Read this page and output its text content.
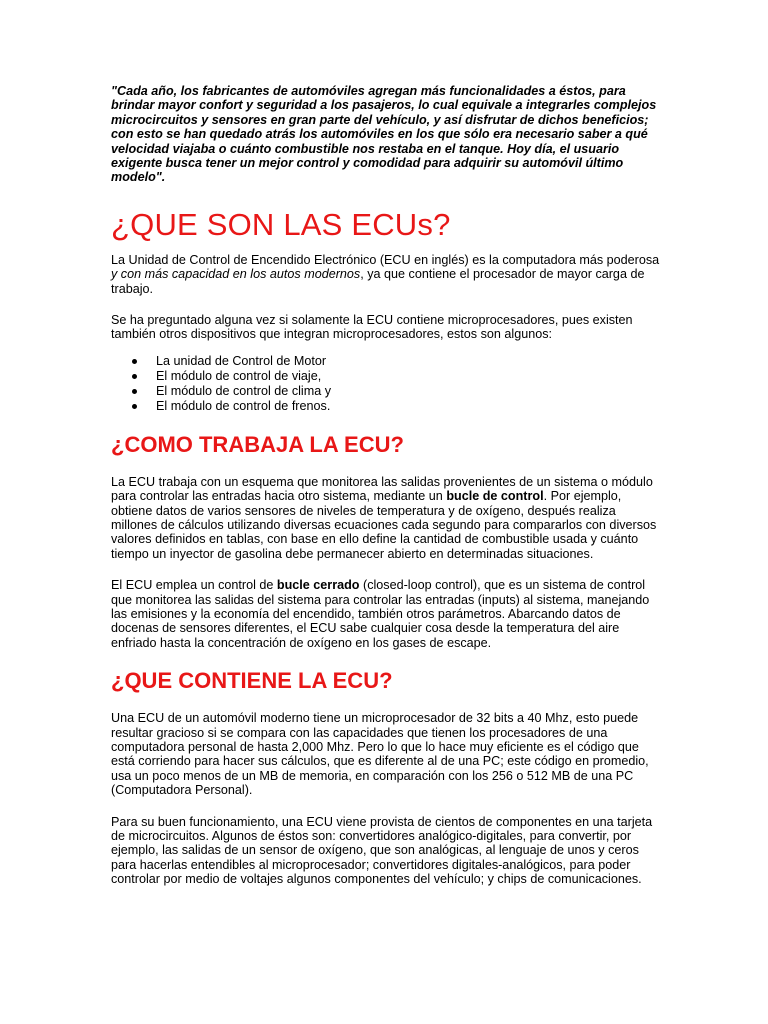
"Cada año, los fabricantes de automóviles agregan más funcionalidades a éstos, para brindar mayor confort y seguridad a los pasajeros, lo cual equivale a integrarles complejos microcircuitos y sensores en gran parte del vehículo, y así disfrutar de dichos beneficios; con esto se han quedado atrás los automóviles en los que sólo era necesario saber a qué velocidad viajaba o cuánto combustible nos restaba en el tanque. Hoy día, el usuario exigente busca tener un mejor control y comodidad para adquirir su automóvil último modelo".

¿QUE SON LAS ECUs?

La Unidad de Control de Encendido Electrónico (ECU en inglés) es la computadora más poderosa y con más capacidad en los autos modernos, ya que contiene el procesador de mayor carga de trabajo.

Se ha preguntado alguna vez si solamente la ECU contiene microprocesadores, pues existen también otros dispositivos que integran microprocesadores, estos son algunos:

La unidad de Control de Motor
El módulo de control de viaje,
El módulo de control de clima y
El módulo de control de frenos.
¿COMO TRABAJA LA ECU?

La ECU trabaja con un esquema que monitorea las salidas provenientes de un sistema o módulo para controlar las entradas hacia otro sistema, mediante un bucle de control. Por ejemplo, obtiene datos de varios sensores de niveles de temperatura y de oxígeno, después realiza millones de cálculos utilizando diversas ecuaciones cada segundo para compararlos con diversos valores definidos en tablas, con base en ello define la cantidad de combustible usada y cuánto tiempo un inyector de gasolina debe permanecer abierto en determinadas situaciones.

El ECU emplea un control de bucle cerrado (closed-loop control), que es un sistema de control que monitorea las salidas del sistema para controlar las entradas (inputs) al sistema, manejando las emisiones y la economía del encendido, también otros parámetros. Abarcando datos de docenas de sensores diferentes, el ECU sabe cualquier cosa desde la temperatura del aire enfriado hasta la concentración de oxígeno en los gases de escape.

¿QUE CONTIENE LA ECU?

Una ECU de un automóvil moderno tiene un microprocesador de 32 bits a 40 Mhz, esto puede resultar gracioso si se compara con las capacidades que tienen los procesadores de una computadora personal de hasta 2,000 Mhz. Pero lo que lo hace muy eficiente es el código que está corriendo para hacer sus cálculos, que es diferente al de una PC; este código en promedio, usa un poco menos de un MB de memoria, en comparación con los 256 o 512 MB de una PC (Computadora Personal).

Para su buen funcionamiento, una ECU viene provista de cientos de componentes en una tarjeta de microcircuitos. Algunos de éstos son: convertidores analógico-digitales, para convertir, por ejemplo, las salidas de un sensor de oxígeno, que son analógicas, al lenguaje de unos y ceros para hacerlas entendibles al microprocesador; convertidores digitales-analógicos, para poder controlar por medio de voltajes algunos componentes del vehículo; y chips de comunicaciones.
